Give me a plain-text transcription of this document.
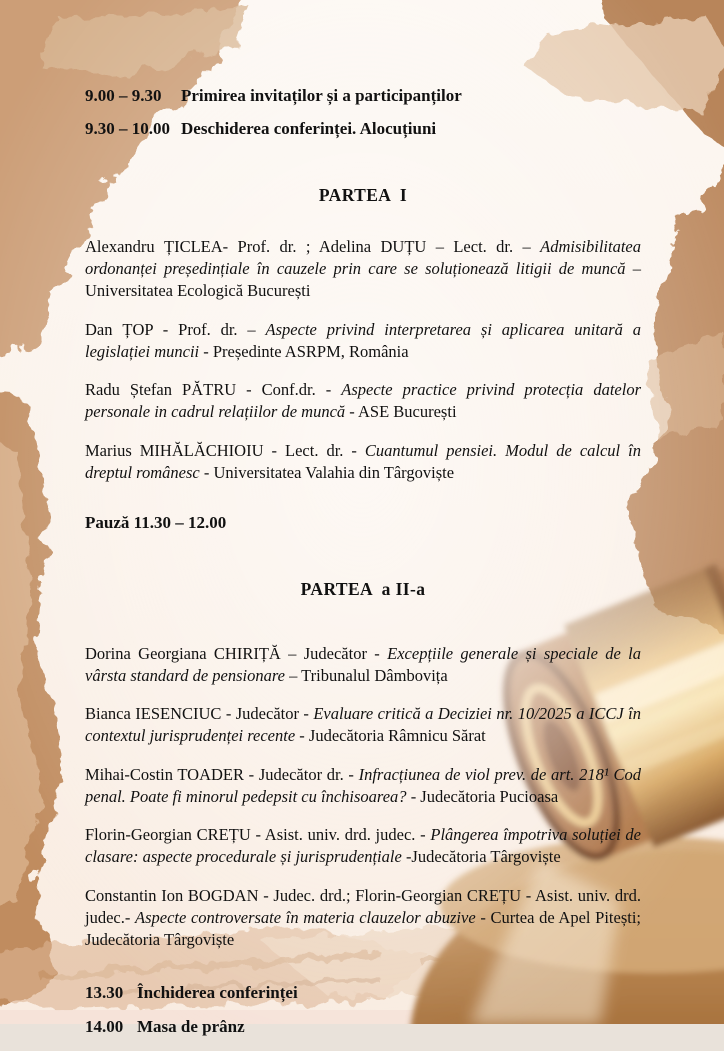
9.00 – 9.30	Primirea invitaților și a participanților
9.30 – 10.00 Deschiderea conferinței. Alocuțiuni
PARTEA  I

Alexandru ȚICLEA- Prof. dr. ; Adelina DUȚU – Lect. dr. – Admisibilitatea ordonanței președințiale în cauzele prin care se soluționează litigii de muncă – Universitatea Ecologică București

Dan ȚOP - Prof. dr. – Aspecte privind interpretarea și aplicarea unitară a legislației muncii - Președinte ASRPM, România

Radu Ștefan PĂTRU - Conf.dr. - Aspecte practice privind protecția datelor personale in cadrul relațiilor de muncă - ASE București

Marius MIHĂLĂCHIOIU - Lect. dr. - Cuantumul pensiei. Modul de calcul în dreptul românesc - Universitatea Valahia din Târgoviște

Pauză 11.30 – 12.00
PARTEA  a II-a

Dorina Georgiana CHIRIȚĂ – Judecător - Excepțiile generale și speciale de la vârsta standard de pensionare – Tribunalul Dâmbovița

Bianca IESENCIUC - Judecător - Evaluare critică a Deciziei nr. 10/2025 a ICCJ în contextul jurisprudenței recente - Judecătoria Râmnicu Sărat

Mihai-Costin TOADER - Judecător dr. - Infracțiunea de viol prev. de art. 218¹ Cod penal. Poate fi minorul pedepsit cu închisoarea? - Judecătoria Pucioasa

Florin-Georgian CREȚU - Asist. univ. drd. judec. - Plângerea împotriva soluției de clasare: aspecte procedurale și jurisprudențiale -Judecătoria Târgoviște

Constantin Ion BOGDAN - Judec. drd.; Florin-Georgian CREȚU - Asist. univ. drd. judec.- Aspecte controversate în materia clauzelor abuzive - Curtea de Apel Pitești; Judecătoria Târgoviște

13.30 Închiderea conferinței
14.00 Masa de prânz
